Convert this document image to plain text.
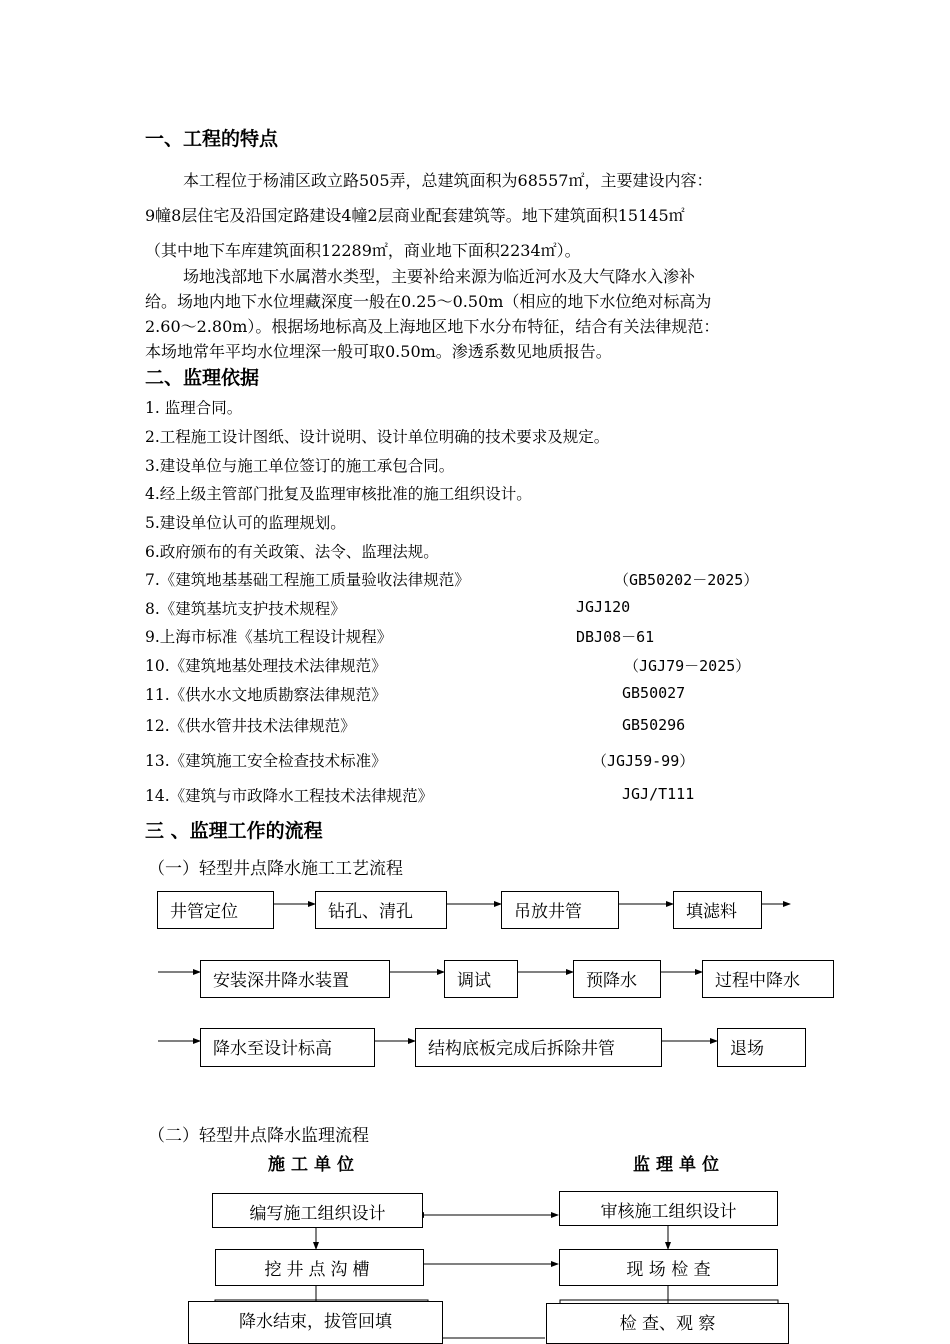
一、工程的特点
本工程位于杨浦区政立路505弄，总建筑面积为68557㎡，主要建设内容：
9幢8层住宅及沿国定路建设4幢2层商业配套建筑等。地下建筑面积15145㎡
（其中地下车库建筑面积12289㎡，商业地下面积2234㎡）。
场地浅部地下水属潜水类型，主要补给来源为临近河水及大气降水入渗补
给。场地内地下水位埋藏深度一般在0.25～0.50m（相应的地下水位绝对标高为
2.60～2.80m）。根据场地标高及上海地区地下水分布特征，结合有关法律规范：
本场地常年平均水位埋深一般可取0.50m。渗透系数见地质报告。
二、监理依据
1. 监理合同。
2.工程施工设计图纸、设计说明、设计单位明确的技术要求及规定。
3.建设单位与施工单位签订的施工承包合同。
4.经上级主管部门批复及监理审核批准的施工组织设计。
5.建设单位认可的监理规划。
6.政府颁布的有关政策、法令、监理法规。
7.《建筑地基基础工程施工质量验收法律规范》	（GB50202－2025）
8.《建筑基坑支护技术规程》	JGJ120
9.上海市标准《基坑工程设计规程》	DBJ08－61
10.《建筑地基处理技术法律规范》	（JGJ79－2025）
11.《供水水文地质勘察法律规范》	GB50027
12.《供水管井技术法律规范》	GB50296
13.《建筑施工安全检查技术标准》	（JGJ59-99）
14.《建筑与市政降水工程技术法律规范》	JGJ/T111
三 、监理工作的流程
（一）轻型井点降水施工工艺流程
井管定位	钻孔、清孔	吊放井管	填滤料
安装深井降水装置	调试	预降水	过程中降水
降水至设计标高	结构底板完成后拆除井管	退场
（二）轻型井点降水监理流程
施工单位	监理单位
编写施工组织设计
挖井点沟槽
降水结束，拔管回填
审核施工组织设计
现 场 检 查
检 查、观 察
